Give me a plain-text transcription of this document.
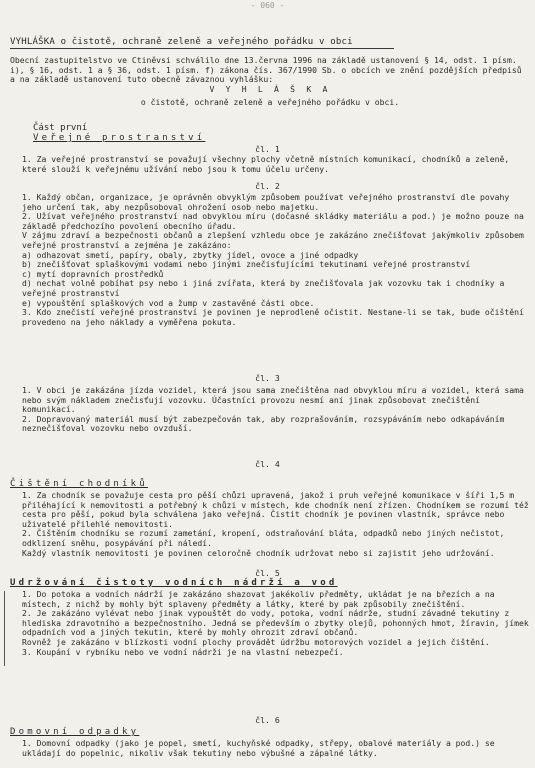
- 060 -
VYHLÁŠKA o čistotě, ochraně zeleně a veřejného pořádku v obci

Obecní zastupitelstvo ve Ctiněvsi schválilo dne 13.června 1996 na základě ustanovení § 14, odst. 1 písm. i), § 16, odst. 1 a § 36, odst. 1 písm. f) zákona čís. 367/1990 Sb. o obcích ve znění pozdějších předpisů a na základě ustanovení tuto obecně závaznou vyhlášku:

V Y H L Á Š K A

o čistotě, ochraně zeleně a veřejného pořádku v obci.

Část první
Veřejné prostranství
čl. 1

1. Za veřejné prostranství se považují všechny plochy včetně místních komunikací, chodníků a zeleně, které slouží k veřejnému užívání nebo jsou k tomu účelu určeny.

čl. 2

1. Každý občan, organizace, je oprávněn obvyklým způsobem používat veřejného prostranství dle povahy jeho určení tak, aby nezpůsoboval ohrožení osob nebo majetku.

2. Užívat veřejného prostranství nad obvyklou míru (dočasné skládky materiálu a pod.) je možno pouze na základě předchozího povolení obecního úřadu.

V zájmu zdraví a bezpečnosti občanů a zlepšení vzhledu obce je zakázáno znečišťovat jakýmkoliv způsobem veřejné prostranství a zejména je zakázáno:

a) odhazovat smetí, papíry, obaly, zbytky jídel, ovoce a jiné odpadky

b) znečišťovat splaškovými vodami nebo jinými znečisťujícími tekutinami veřejné prostranství

c) mytí dopravních prostředků

d) nechat volně pobíhat psy nebo i jiná zvířata, která by znečišťovala jak vozovku tak i chodníky a veřejné prostranství

e) vypouštění splaškových vod a žump v zastavěné části obce.

3. Kdo znečistí veřejné prostranství je povinen je neprodleně očistit. Nestane-li se tak, bude očištění provedeno na jeho náklady a vyměřena pokuta.

čl. 3

1. V obci je zakázána jízda vozidel, která jsou sama znečištěna nad obvyklou míru a vozidel, která sama nebo svým nákladem znečisťují vozovku. Účastníci provozu nesmí ani jinak způsobovat znečištění komunikací.

2. Dopravovaný materiál musí být zabezpečován tak, aby rozprašováním, rozsypáváním nebo odkapáváním neznečišťoval vozovku nebo ovzduší.

čl. 4
Čištění chodníků

1. Za chodník se považuje cesta pro pěší chůzi upravená, jakož i pruh veřejné komunikace v šíři 1,5 m přiléhající k nemovitosti a potřebný k chůzi v místech, kde chodník není zřízen. Chodníkem se rozumí též cesta pro pěší, pokud byla schválena jako veřejná. Čistit chodník je povinen vlastník, správce nebo uživatelé přilehlé nemovitosti.

2. Čištěním chodníku se rozumí zametání, kropení, odstraňování bláta, odpadků nebo jiných nečistot, odklizení sněhu, posypávání při náledí.

Každý vlastník nemovitosti je povinen celoročně chodník udržovat nebo si zajistit jeho udržování.

čl. 5
Udržování čistoty vodních nádrží a vod

1. Do potoka a vodních nádrží je zakázáno shazovat jakékoliv předměty, ukládat je na březích a na místech, z nichž by mohly být splaveny předměty a látky, které by pak způsobily znečištění.

2. Je zakázáno vylévat nebo jinak vypouštět do vody, potoka, vodní nádrže, studní závadné tekutiny z hlediska zdravotního a bezpečnostního. Jedná se především o zbytky olejů, pohonných hmot, žíravin, jímek odpadních vod a jiných tekutin, které by mohly ohrozit zdraví občanů.

Rovněž je zakázáno v blízkosti vodní plochy provádět údržbu motorových vozidel a jejich čištění.

3. Koupání v rybníku nebo ve vodní nádrži je na vlastní nebezpečí.

čl. 6
Domovní odpadky

1. Domovní odpadky (jako je popel, smetí, kuchyňské odpadky, střepy, obalové materiály a pod.) se ukládají do popelnic, nikoliv však tekutiny nebo výbušné a zápalné látky.
